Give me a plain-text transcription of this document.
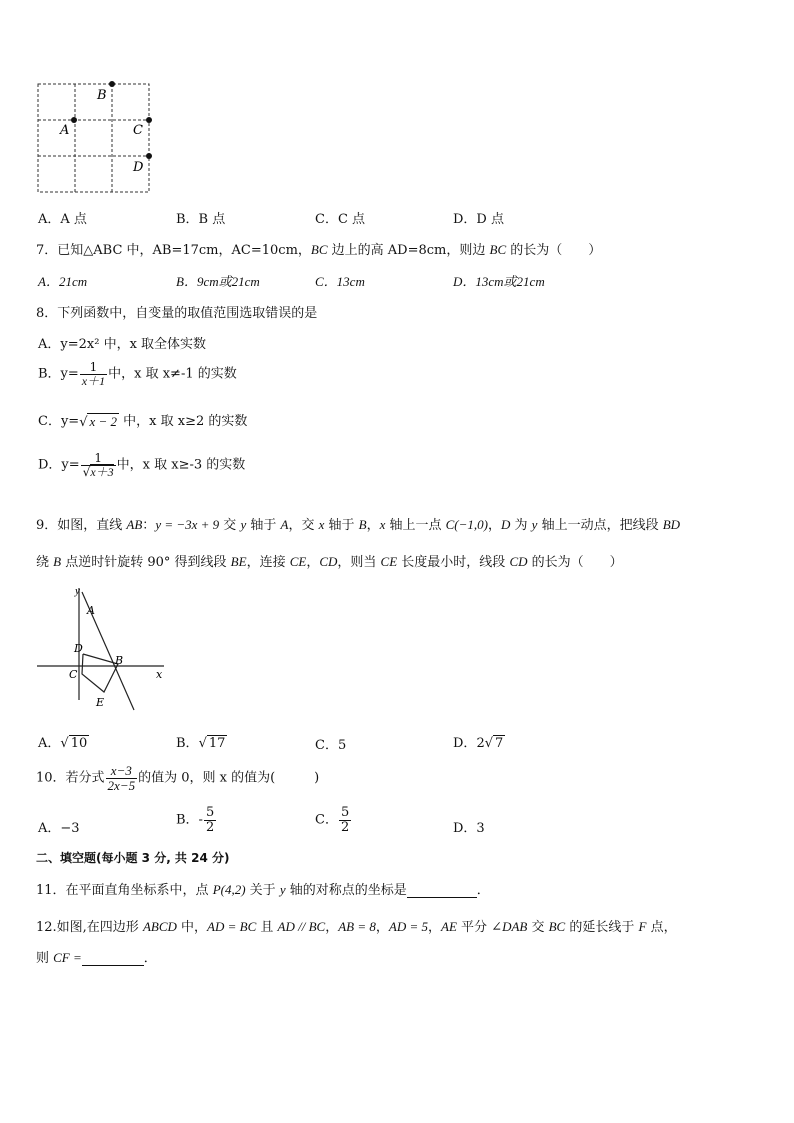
B
A	C
D
A．A 点	B．B 点	C．C 点	D．D 点
7．已知△ABC 中，AB=17cm，AC=10cm，BC 边上的高 AD=8cm，则边 BC 的长为（　　）
A．21cm	B．9cm或21cm	C．13cm	D．13cm或21cm
8．下列函数中，自变量的取值范围选取错误的是
A．y=2x² 中，x 取全体实数
B．$y= \frac{1}{x+1}$ 中，x 取 x≠-1 的实数
C．y=√ x − 2 中，x 取 x≥2 的实数
D．$y= \frac{1}{√x+3}$ 中，x 取 x≥-3 的实数
9．如图，直线 AB：y = −3x + 9 交 y 轴于 A，交 x 轴于 B，x 轴上一点 C(−1,0)，D 为 y 轴上一动点，把线段 BD
绕 B 点逆时针旋转 90° 得到线段 BE，连接 CE，CD，则当 CE 长度最小时，线段 CD 的长为（　　）
y
x
A
D
B
C
E
A．√ 10	B．√ 17	C．5	D．2√ 7
10．若分式 $\frac{x-3}{2x-5}$ 的值为 0，则 x 的值为(　　　)
A．−3
B．- $\frac{5}{2}$	C． $\frac{5}{2}$	D．3
二、填空题(每小题 3 分, 共 24 分)
11．在平面直角坐标系中，点 P(4,2) 关于 y 轴的对称点的坐标是	．
12.如图,在四边形 ABCD 中，AD = BC 且 AD // BC，AB = 8，AD = 5，AE 平分 ∠DAB 交 BC 的延长线于 F 点，
则 CF =	．
